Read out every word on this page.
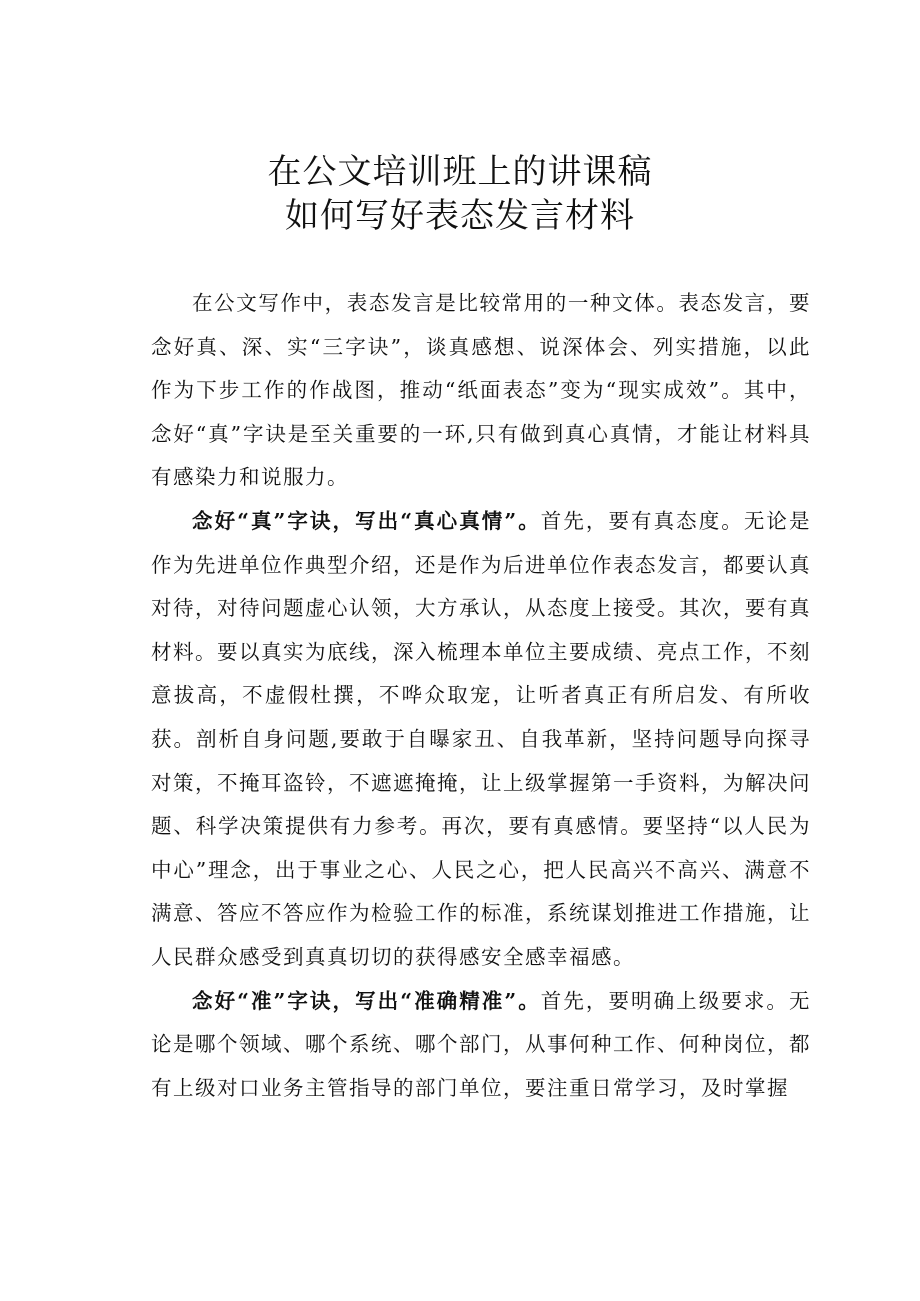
在公文培训班上的讲课稿
如何写好表态发言材料

在公文写作中，表态发言是比较常用的一种文体。表态发言，要念好真、深、实“三字诀”，谈真感想、说深体会、列实措施，以此作为下步工作的作战图，推动“纸面表态”变为“现实成效”。其中，念好“真”字诀是至关重要的一环,只有做到真心真情，才能让材料具有感染力和说服力。

念好“真”字诀，写出“真心真情”。首先，要有真态度。无论是作为先进单位作典型介绍，还是作为后进单位作表态发言，都要认真对待，对待问题虚心认领，大方承认，从态度上接受。其次，要有真材料。要以真实为底线，深入梳理本单位主要成绩、亮点工作，不刻意拔高，不虚假杜撰，不哗众取宠，让听者真正有所启发、有所收获。剖析自身问题,要敢于自曝家丑、自我革新，坚持问题导向探寻对策，不掩耳盗铃，不遮遮掩掩，让上级掌握第一手资料，为解决问题、科学决策提供有力参考。再次，要有真感情。要坚持“以人民为中心”理念，出于事业之心、人民之心，把人民高兴不高兴、满意不满意、答应不答应作为检验工作的标准，系统谋划推进工作措施，让人民群众感受到真真切切的获得感安全感幸福感。

念好“准”字诀，写出“准确精准”。首先，要明确上级要求。无论是哪个领域、哪个系统、哪个部门，从事何种工作、何种岗位，都有上级对口业务主管指导的部门单位，要注重日常学习，及时掌握
